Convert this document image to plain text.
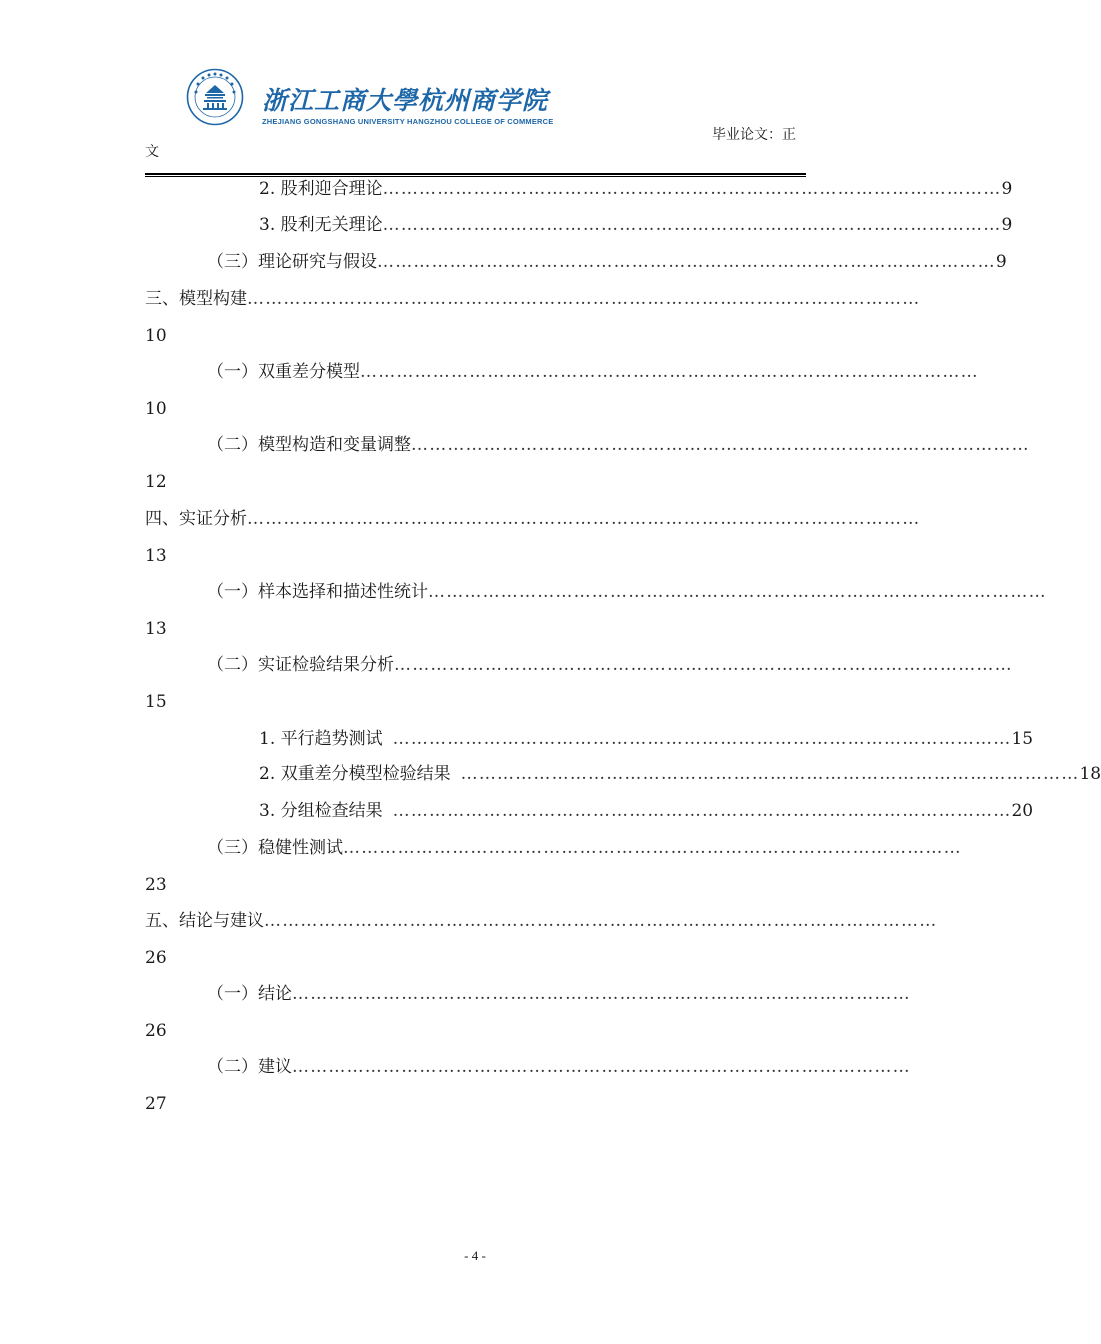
浙江工商大學杭州商学院
ZHEJIANG GONGSHANG UNIVERSITY HANGZHOU COLLEGE OF COMMERCE
毕业论文：正
文
2. 股利迎合理论 ………………………………………………………………………………………… 9
3. 股利无关理论 ………………………………………………………………………………………… 9
（三）理论研究与假设 ………………………………………………………………………………………… 9
三、模型构建 …………………………………………………………………………………………………
10
（一）双重差分模型 …………………………………………………………………………………………
10
（二）模型构造和变量调整 …………………………………………………………………………………………
12
四、实证分析 …………………………………………………………………………………………………
13
（一）样本选择和描述性统计 …………………………………………………………………………………………
13
（二）实证检验结果分析 …………………………………………………………………………………………
15
1. 平行趋势测试 ………………………………………………………………………………………… 15
2. 双重差分模型检验结果 ………………………………………………………………………………………… 18
3. 分组检查结果 ………………………………………………………………………………………… 20
（三）稳健性测试 …………………………………………………………………………………………
23
五、结论与建议 …………………………………………………………………………………………………
26
（一）结论 …………………………………………………………………………………………
26
（二）建议 …………………………………………………………………………………………
27
- 4 -
